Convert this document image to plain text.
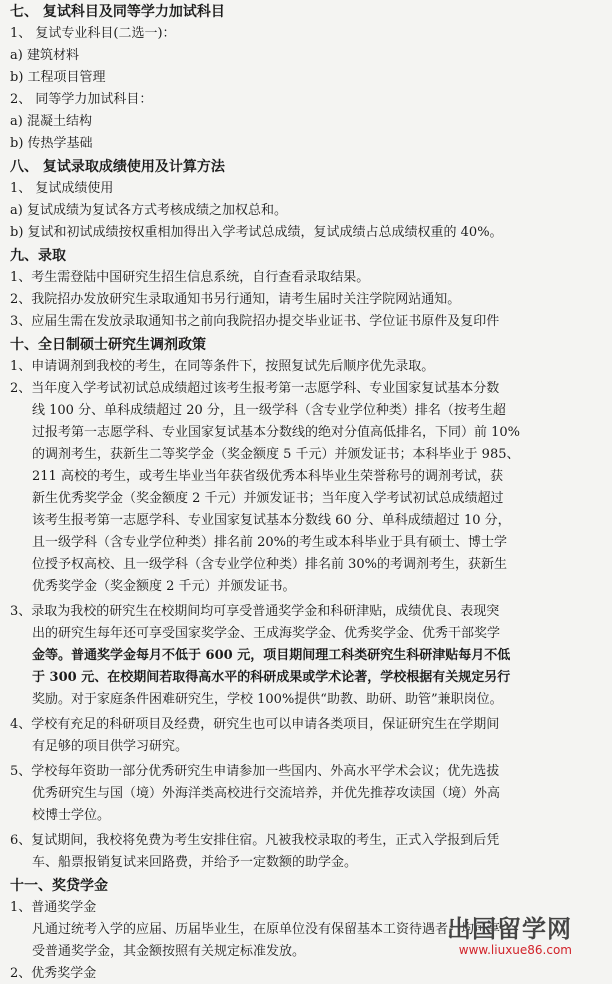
七、 复试科目及同等学力加试科目
1、 复试专业科目(二选一)：
a) 建筑材料
b) 工程项目管理
2、 同等学力加试科目：
a) 混凝土结构
b) 传热学基础
八、 复试录取成绩使用及计算方法
1、 复试成绩使用
a) 复试成绩为复试各方式考核成绩之加权总和。
b) 复试和初试成绩按权重相加得出入学考试总成绩，复试成绩占总成绩权重的 40%。
九、录取
1、考生需登陆中国研究生招生信息系统，自行查看录取结果。
2、我院招办发放研究生录取通知书另行通知，请考生届时关注学院网站通知。
3、应届生需在发放录取通知书之前向我院招办提交毕业证书、学位证书原件及复印件
十、全日制硕士研究生调剂政策
1、申请调剂到我校的考生，在同等条件下，按照复试先后顺序优先录取。
2、当年度入学考试初试总成绩超过该考生报考第一志愿学科、专业国家复试基本分数
线 100 分、单科成绩超过 20 分，且一级学科（含专业学位种类）排名（按考生超
过报考第一志愿学科、专业国家复试基本分数线的绝对分值高低排名，下同）前 10%
的调剂考生，获新生二等奖学金（奖金额度 5 千元）并颁发证书；本科毕业于 985、
211 高校的考生，或考生毕业当年获省级优秀本科毕业生荣誉称号的调剂考试，获
新生优秀奖学金（奖金额度 2 千元）并颁发证书；当年度入学考试初试总成绩超过
该考生报考第一志愿学科、专业国家复试基本分数线 60 分、单科成绩超过 10 分，
且一级学科（含专业学位种类）排名前 20%的考生或本科毕业于具有硕士、博士学
位授予权高校、且一级学科（含专业学位种类）排名前 30%的考调剂考生，获新生
优秀奖学金（奖金额度 2 千元）并颁发证书。
3、录取为我校的研究生在校期间均可享受普通奖学金和科研津贴，成绩优良、表现突
出的研究生每年还可享受国家奖学金、王成海奖学金、优秀奖学金、优秀干部奖学
金等。普通奖学金每月不低于 600 元，项目期间理工科类研究生科研津贴每月不低
于 300 元、在校期间若取得高水平的科研成果或学术论著，学校根据有关规定另行
奖励。对于家庭条件困难研究生，学校 100%提供“助教、助研、助管”兼职岗位。
4、学校有充足的科研项目及经费，研究生也可以申请各类项目，保证研究生在学期间
有足够的项目供学习研究。
5、学校每年资助一部分优秀研究生申请参加一些国内、外高水平学术会议；优先选拔
优秀研究生与国（境）外海洋类高校进行交流培养，并优先推荐攻读国（境）外高
校博士学位。
6、复试期间，我校将免费为考生安排住宿。凡被我校录取的考生，正式入学报到后凭
车、船票报销复试来回路费，并给予一定数额的助学金。
十一、奖贷学金
1、普通奖学金
凡通过统考入学的应届、历届毕业生，在原单位没有保留基本工资待遇者，均可享
受普通奖学金，其金额按照有关规定标准发放。
2、优秀奖学金
出国留学网
www.liuxue86.com
